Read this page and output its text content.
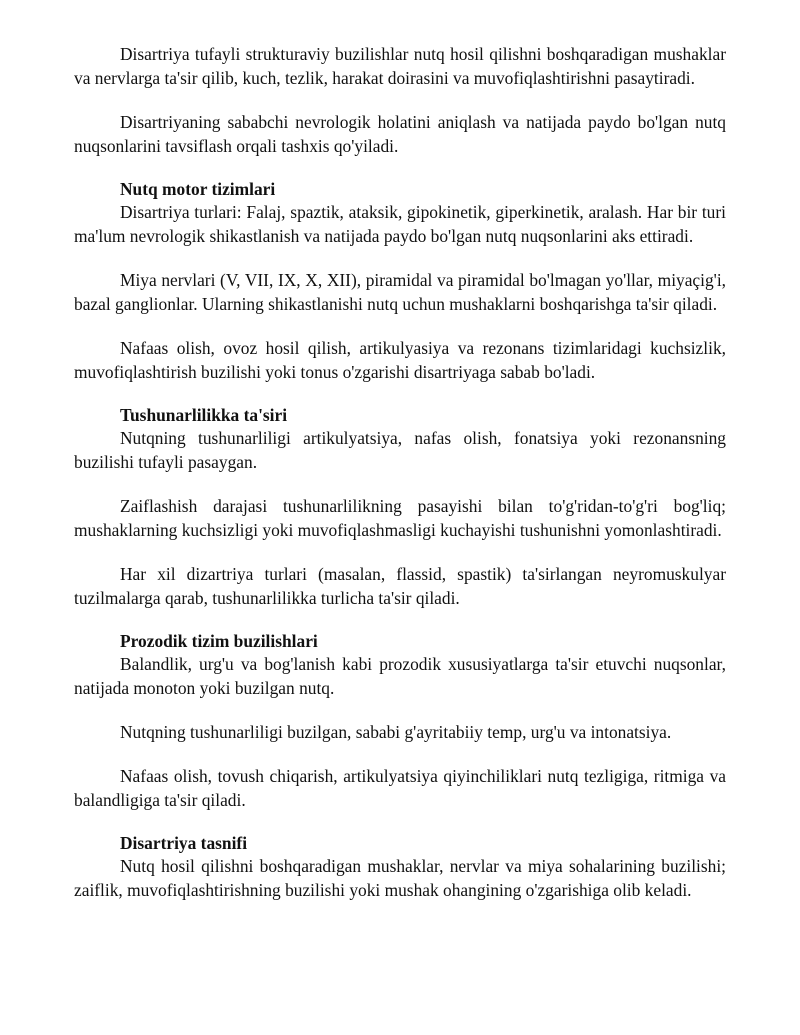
Disartriya tufayli strukturaviy buzilishlar nutq hosil qilishni boshqaradigan mushaklar va nervlarga ta'sir qilib, kuch, tezlik, harakat doirasini va muvofiqlashtirishni pasaytiradi.

Disartriyaning sababchi nevrologik holatini aniqlash va natijada paydo bo'lgan nutq nuqsonlarini tavsiflash orqali tashxis qo'yiladi.

Nutq motor tizimlari

Disartriya turlari: Falaj, spaztik, ataksik, gipokinetik, giperkinetik, aralash. Har bir turi ma'lum nevrologik shikastlanish va natijada paydo bo'lgan nutq nuqsonlarini aks ettiradi.

Miya nervlari (V, VII, IX, X, XII), piramidal va piramidal bo'lmagan yo'llar, miyaçig'i, bazal ganglionlar. Ularning shikastlanishi nutq uchun mushaklarni boshqarishga ta'sir qiladi.

Nafaas olish, ovoz hosil qilish, artikulyasiya va rezonans tizimlaridagi kuchsizlik, muvofiqlashtirish buzilishi yoki tonus o'zgarishi disartriyaga sabab bo'ladi.

Tushunarlilikka ta'siri

Nutqning tushunarliligi artikulyatsiya, nafas olish, fonatsiya yoki rezonansning buzilishi tufayli pasaygan.

Zaiflashish darajasi tushunarlilikning pasayishi bilan to'g'ridan-to'g'ri bog'liq; mushaklarning kuchsizligi yoki muvofiqlashmasligi kuchayishi tushunishni yomonlashtiradi.

Har xil dizartriya turlari (masalan, flassid, spastik) ta'sirlangan neyromuskulyar tuzilmalarga qarab, tushunarlilikka turlicha ta'sir qiladi.

Prozodik tizim buzilishlari

Balandlik, urg'u va bog'lanish kabi prozodik xususiyatlarga ta'sir etuvchi nuqsonlar, natijada monoton yoki buzilgan nutq.

Nutqning tushunarliligi buzilgan, sababi g'ayritabiiy temp, urg'u va intonatsiya.

Nafaas olish, tovush chiqarish, artikulyatsiya qiyinchiliklari nutq tezligiga, ritmiga va balandligiga ta'sir qiladi.

Disartriya tasnifi

Nutq hosil qilishni boshqaradigan mushaklar, nervlar va miya sohalarining buzilishi; zaiflik, muvofiqlashtirishning buzilishi yoki mushak ohangining o'zgarishiga olib keladi.
